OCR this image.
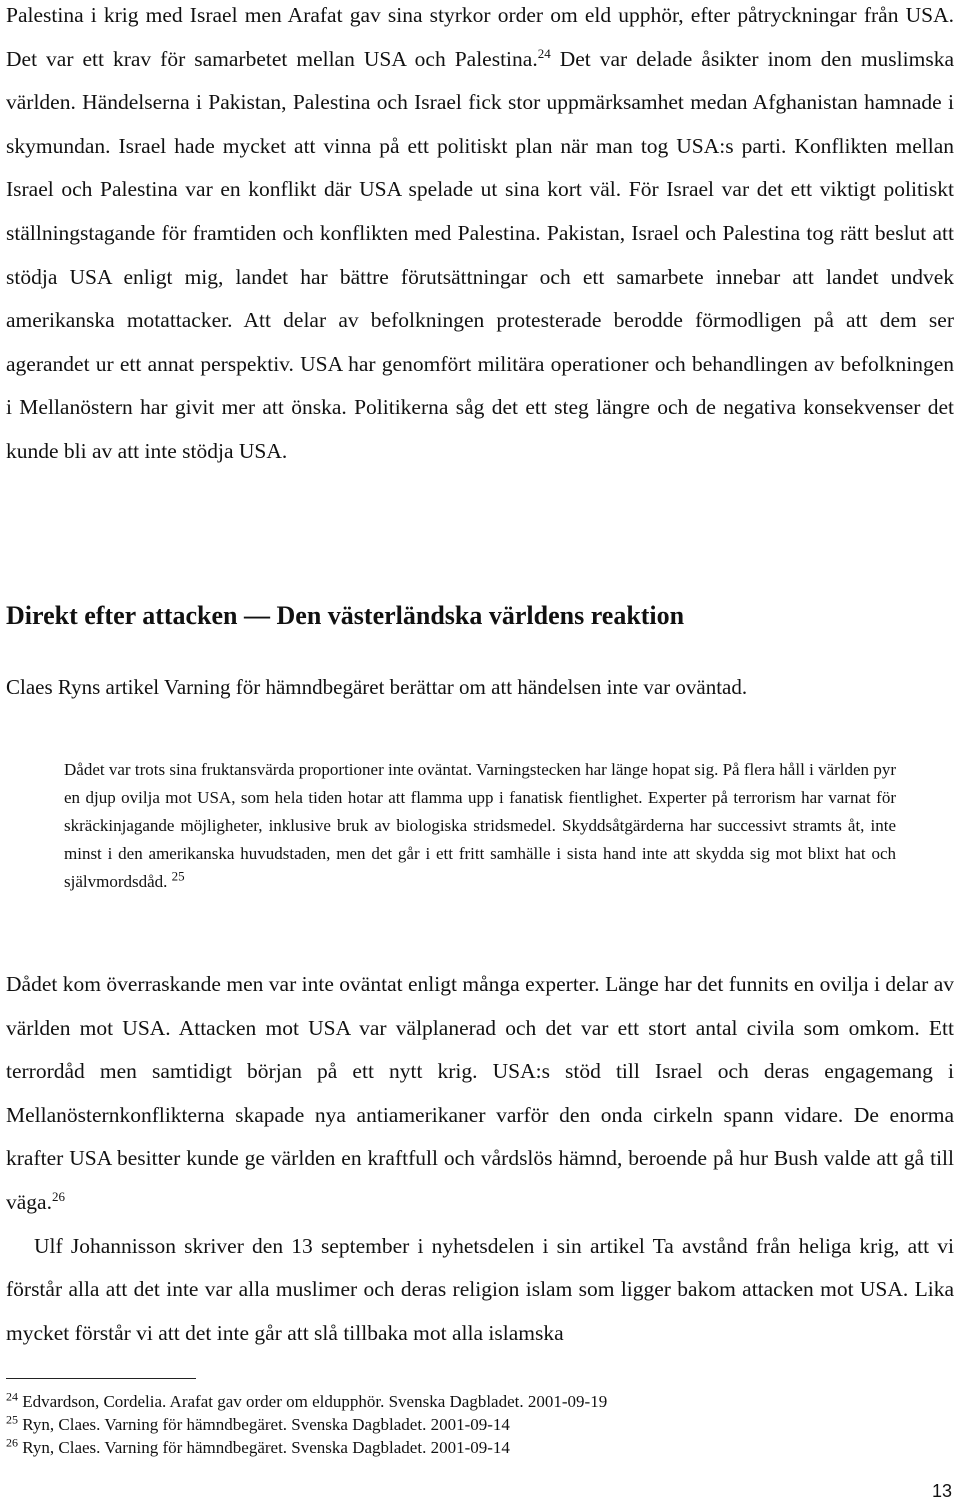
Palestina i krig med Israel men Arafat gav sina styrkor order om eld upphör, efter påtryckningar från USA. Det var ett krav för samarbetet mellan USA och Palestina.$^{24}$ Det var delade åsikter inom den muslimska världen. Händelserna i Pakistan, Palestina och Israel fick stor uppmärksamhet medan Afghanistan hamnade i skymundan. Israel hade mycket att vinna på ett politiskt plan när man tog USA:s parti. Konflikten mellan Israel och Palestina var en konflikt där USA spelade ut sina kort väl. För Israel var det ett viktigt politiskt ställningstagande för framtiden och konflikten med Palestina. Pakistan, Israel och Palestina tog rätt beslut att stödja USA enligt mig, landet har bättre förutsättningar och ett samarbete innebar att landet undvek amerikanska motattacker. Att delar av befolkningen protesterade berodde förmodligen på att dem ser agerandet ur ett annat perspektiv. USA har genomfört militära operationer och behandlingen av befolkningen i Mellanöstern har givit mer att önska. Politikerna såg det ett steg längre och de negativa konsekvenser det kunde bli av att inte stödja USA.

Direkt efter attacken — Den västerländska världens reaktion

Claes Ryns artikel Varning för hämndbegäret berättar om att händelsen inte var oväntad.

Dådet var trots sina fruktansvärda proportioner inte oväntat. Varningstecken har länge hopat sig. På flera håll i världen pyr en djup ovilja mot USA, som hela tiden hotar att flamma upp i fanatisk fientlighet. Experter på terrorism har varnat för skräckinjagande möjligheter, inklusive bruk av biologiska stridsmedel. Skyddsåtgärderna har successivt stramts åt, inte minst i den amerikanska huvudstaden, men det går i ett fritt samhälle i sista hand inte att skydda sig mot blixt hat och självmordsdåd. $^{25}$

Dådet kom överraskande men var inte oväntat enligt många experter. Länge har det funnits en ovilja i delar av världen mot USA. Attacken mot USA var välplanerad och det var ett stort antal civila som omkom. Ett terrordåd men samtidigt början på ett nytt krig. USA:s stöd till Israel och deras engagemang i Mellanösternkonflikterna skapade nya antiamerikaner varför den onda cirkeln spann vidare. De enorma krafter USA besitter kunde ge världen en kraftfull och vårdslös hämnd, beroende på hur Bush valde att gå till väga.$^{26}$
Ulf Johannisson skriver den 13 september i nyhetsdelen i sin artikel Ta avstånd från heliga krig, att vi förstår alla att det inte var alla muslimer och deras religion islam som ligger bakom attacken mot USA. Lika mycket förstår vi att det inte går att slå tillbaka mot alla islamska
$^{24}$ Edvardson, Cordelia. Arafat gav order om eldupphör. Svenska Dagbladet. 2001-09-19
$^{25}$ Ryn, Claes. Varning för hämndbegäret. Svenska Dagbladet. 2001-09-14
$^{26}$ Ryn, Claes. Varning för hämndbegäret. Svenska Dagbladet. 2001-09-14
13
